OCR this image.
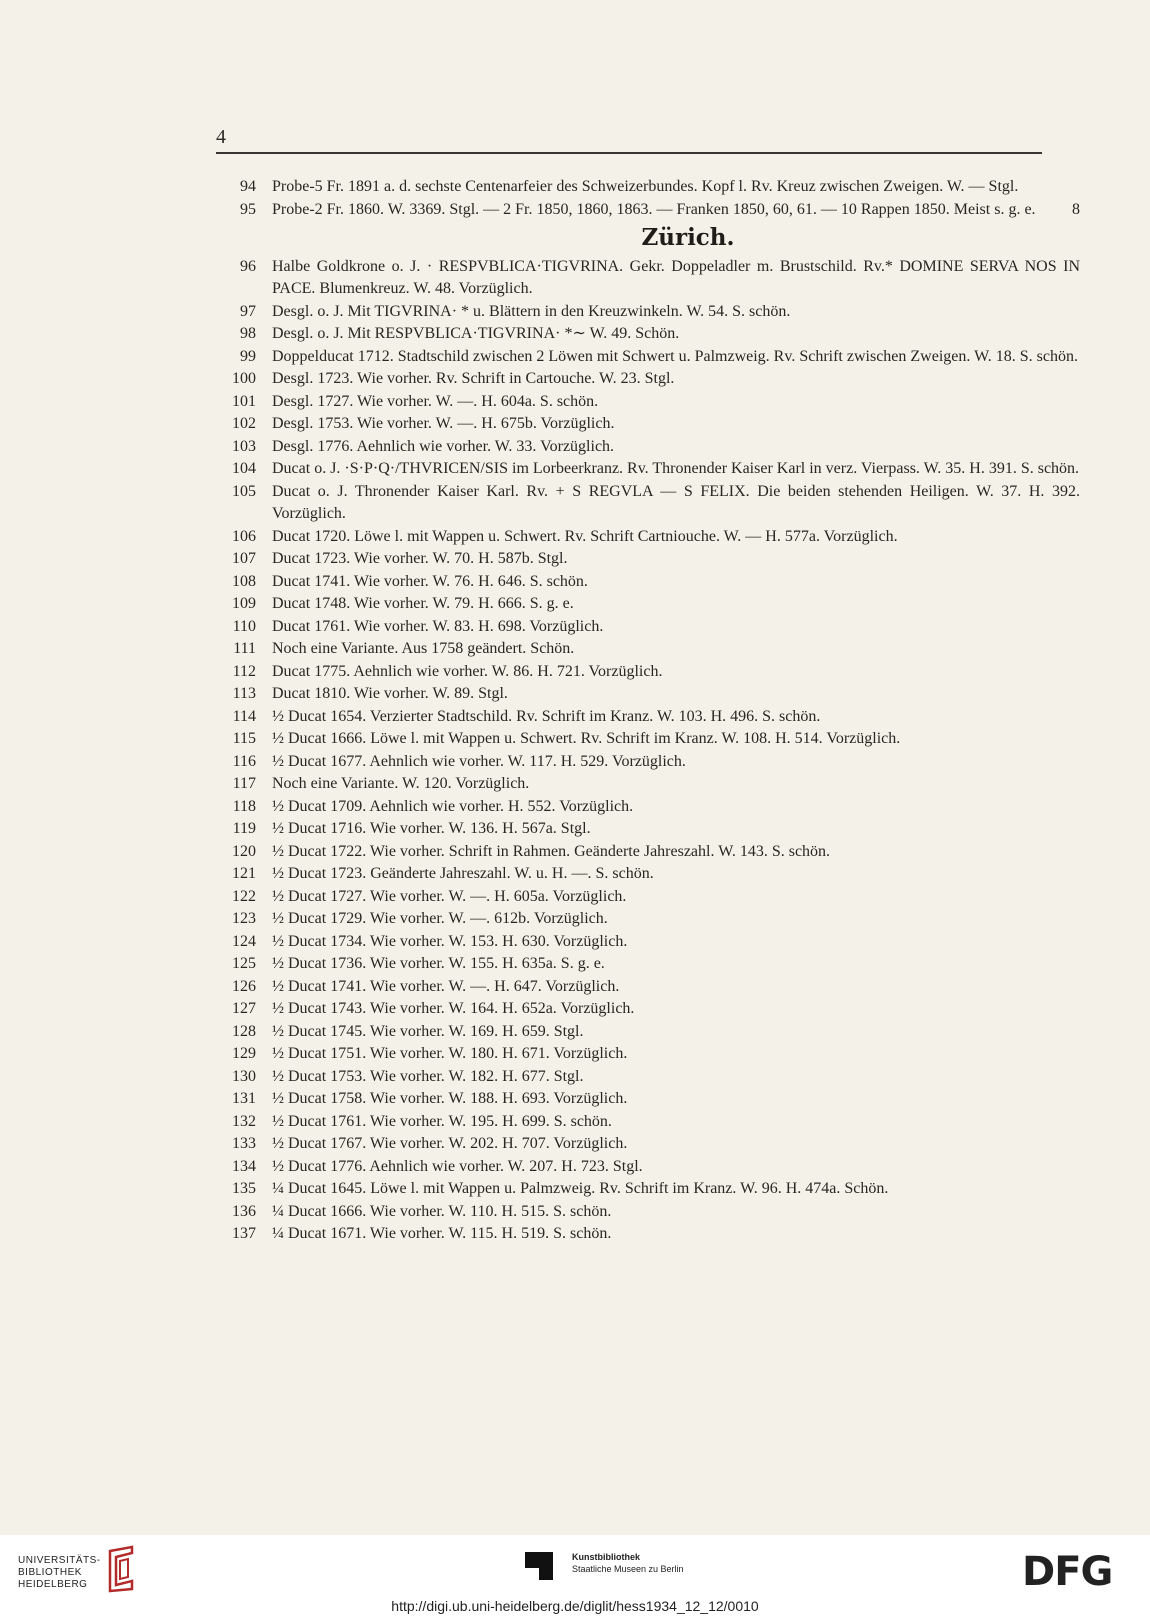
4
94 Probe-5 Fr. 1891 a. d. sechste Centenarfeier des Schweizerbundes. Kopf l. Rv. Kreuz zwischen Zweigen. W. — Stgl.
95 Probe-2 Fr. 1860. W. 3369. Stgl. — 2 Fr. 1850, 1860, 1863. — Franken 1850, 60, 61. — 10 Rappen 1850. Meist s. g. e. 8
Zürich.
96 Halbe Goldkrone o. J. · RESPVBLICA·TIGVRINA. Gekr. Doppeladler m. Brustschild. Rv.* DOMINE SERVA NOS IN PACE. Blumenkreuz. W. 48. Vorzüglich.
97 Desgl. o. J. Mit TIGVRINA· * u. Blättern in den Kreuzwinkeln. W. 54. S. schön.
98 Desgl. o. J. Mit RESPVBLICA·TIGVRINA· *∼ W. 49. Schön.
99 Doppelducat 1712. Stadtschild zwischen 2 Löwen mit Schwert u. Palmzweig. Rv. Schrift zwischen Zweigen. W. 18. S. schön.
100 Desgl. 1723. Wie vorher. Rv. Schrift in Cartouche. W. 23. Stgl.
101 Desgl. 1727. Wie vorher. W. —. H. 604a. S. schön.
102 Desgl. 1753. Wie vorher. W. —. H. 675b. Vorzüglich.
103 Desgl. 1776. Aehnlich wie vorher. W. 33. Vorzüglich.
104 Ducat o. J. ·S·P·Q·/THVRICEN/SIS im Lorbeerkranz. Rv. Thronender Kaiser Karl in verz. Vierpass. W. 35. H. 391. S. schön.
105 Ducat o. J. Thronender Kaiser Karl. Rv. + S REGVLA — S FELIX. Die beiden stehenden Heiligen. W. 37. H. 392. Vorzüglich.
106 Ducat 1720. Löwe l. mit Wappen u. Schwert. Rv. Schrift Cartniouche. W. — H. 577a. Vorzüglich.
107 Ducat 1723. Wie vorher. W. 70. H. 587b. Stgl.
108 Ducat 1741. Wie vorher. W. 76. H. 646. S. schön.
109 Ducat 1748. Wie vorher. W. 79. H. 666. S. g. e.
110 Ducat 1761. Wie vorher. W. 83. H. 698. Vorzüglich.
111 Noch eine Variante. Aus 1758 geändert. Schön.
112 Ducat 1775. Aehnlich wie vorher. W. 86. H. 721. Vorzüglich.
113 Ducat 1810. Wie vorher. W. 89. Stgl.
114 ½ Ducat 1654. Verzierter Stadtschild. Rv. Schrift im Kranz. W. 103. H. 496. S. schön.
115 ½ Ducat 1666. Löwe l. mit Wappen u. Schwert. Rv. Schrift im Kranz. W. 108. H. 514. Vorzüglich.
116 ½ Ducat 1677. Aehnlich wie vorher. W. 117. H. 529. Vorzüglich.
117 Noch eine Variante. W. 120. Vorzüglich.
118 ½ Ducat 1709. Aehnlich wie vorher. H. 552. Vorzüglich.
119 ½ Ducat 1716. Wie vorher. W. 136. H. 567a. Stgl.
120 ½ Ducat 1722. Wie vorher. Schrift in Rahmen. Geänderte Jahreszahl. W. 143. S. schön.
121 ½ Ducat 1723. Geänderte Jahreszahl. W. u. H. —. S. schön.
122 ½ Ducat 1727. Wie vorher. W. —. H. 605a. Vorzüglich.
123 ½ Ducat 1729. Wie vorher. W. —. 612b. Vorzüglich.
124 ½ Ducat 1734. Wie vorher. W. 153. H. 630. Vorzüglich.
125 ½ Ducat 1736. Wie vorher. W. 155. H. 635a. S. g. e.
126 ½ Ducat 1741. Wie vorher. W. —. H. 647. Vorzüglich.
127 ½ Ducat 1743. Wie vorher. W. 164. H. 652a. Vorzüglich.
128 ½ Ducat 1745. Wie vorher. W. 169. H. 659. Stgl.
129 ½ Ducat 1751. Wie vorher. W. 180. H. 671. Vorzüglich.
130 ½ Ducat 1753. Wie vorher. W. 182. H. 677. Stgl.
131 ½ Ducat 1758. Wie vorher. W. 188. H. 693. Vorzüglich.
132 ½ Ducat 1761. Wie vorher. W. 195. H. 699. S. schön.
133 ½ Ducat 1767. Wie vorher. W. 202. H. 707. Vorzüglich.
134 ½ Ducat 1776. Aehnlich wie vorher. W. 207. H. 723. Stgl.
135 ¼ Ducat 1645. Löwe l. mit Wappen u. Palmzweig. Rv. Schrift im Kranz. W. 96. H. 474a. Schön.
136 ¼ Ducat 1666. Wie vorher. W. 110. H. 515. S. schön.
137 ¼ Ducat 1671. Wie vorher. W. 115. H. 519. S. schön.
UNIVERSITÄTS-
BIBLIOTHEK
HEIDELBERG
Kunstbibliothek
Staatliche Museen zu Berlin	DFG
http://digi.ub.uni-heidelberg.de/diglit/hess1934_12_12/0010
